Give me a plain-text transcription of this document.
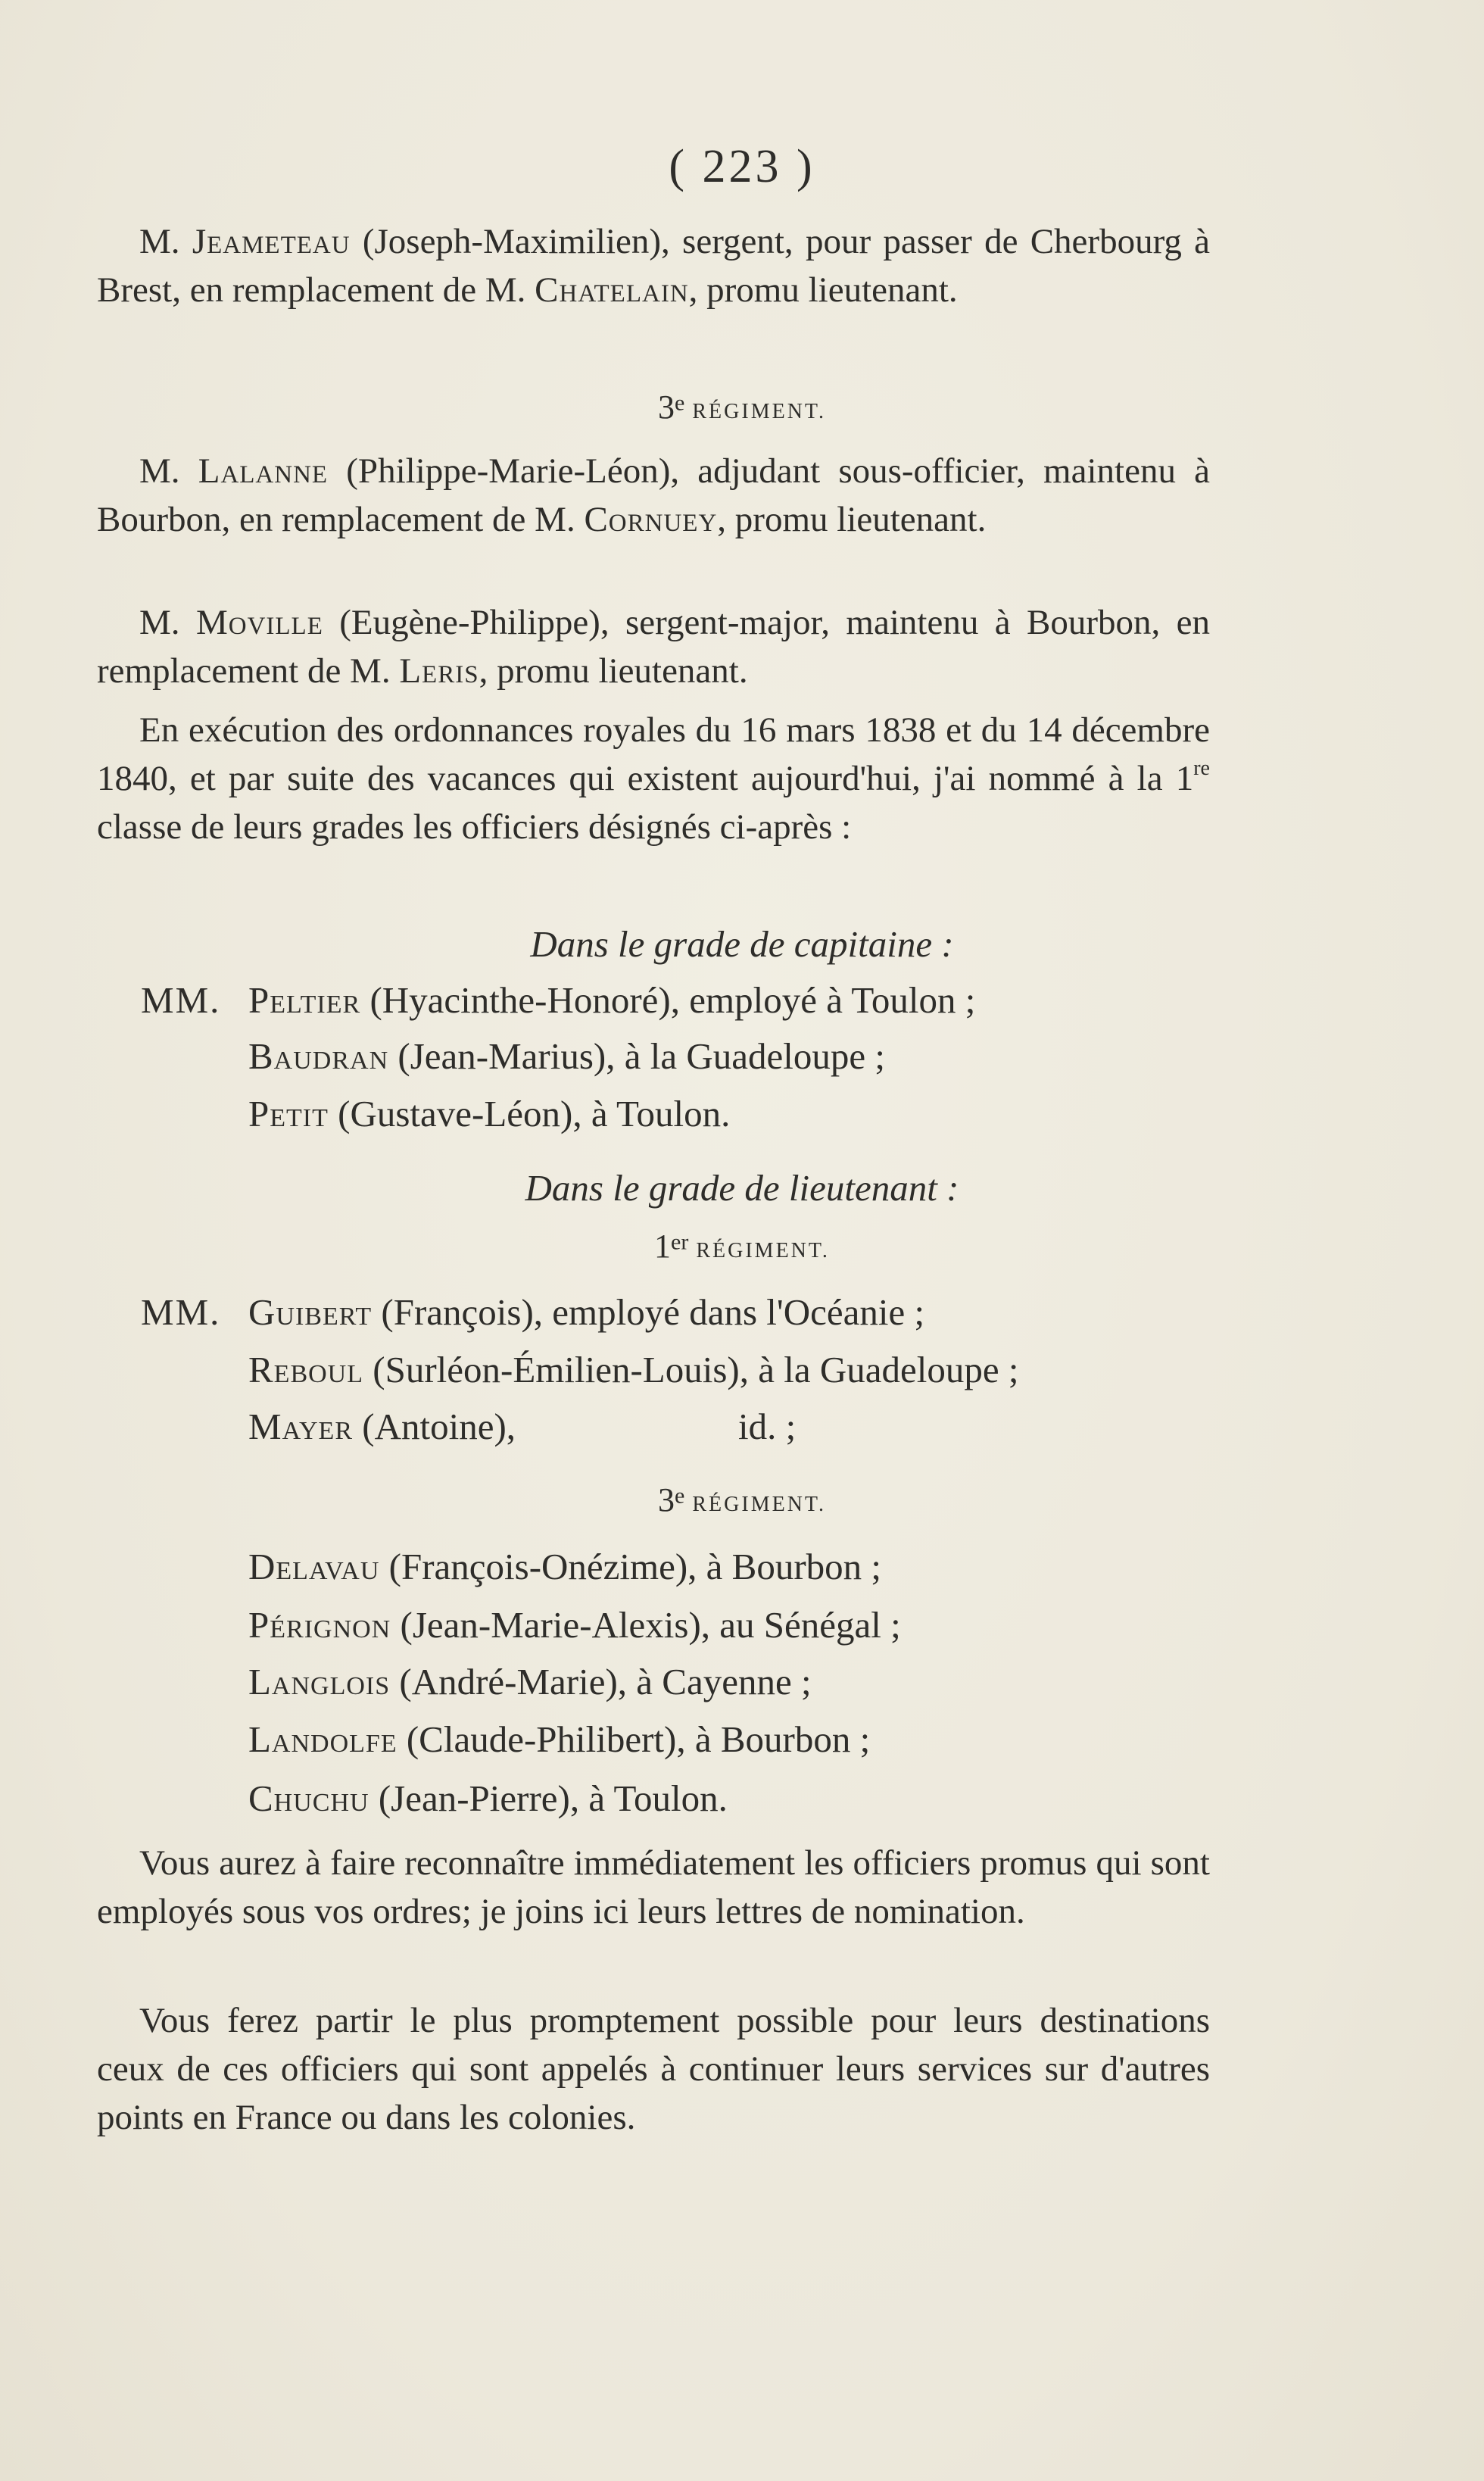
( 223 )

M. Jeameteau (Joseph-Maximilien), sergent, pour passer de Cherbourg à Brest, en remplacement de M. Chatelain, promu lieutenant.

3e RÉGIMENT.

M. Lalanne (Philippe-Marie-Léon), adjudant sous-officier, maintenu à Bourbon, en remplacement de M. Cornuey, promu lieutenant.

M. Moville (Eugène-Philippe), sergent-major, maintenu à Bourbon, en remplacement de M. Leris, promu lieutenant.

En exécution des ordonnances royales du 16 mars 1838 et du 14 décembre 1840, et par suite des vacances qui existent aujourd'hui, j'ai nommé à la 1re classe de leurs grades les officiers désignés ci-après :

Dans le grade de capitaine :
MM. Peltier (Hyacinthe-Honoré), employé à Toulon ;
Baudran (Jean-Marius), à la Guadeloupe ;
Petit (Gustave-Léon), à Toulon.
Dans le grade de lieutenant :
1er RÉGIMENT.
MM. Guibert (François), employé dans l'Océanie ;
Reboul (Surléon-Émilien-Louis), à la Guadeloupe ;
Mayer (Antoine),	id. ;
3e RÉGIMENT.
Delavau (François-Onézime), à Bourbon ;
Pérignon (Jean-Marie-Alexis), au Sénégal ;
Langlois (André-Marie), à Cayenne ;
Landolfe (Claude-Philibert), à Bourbon ;
Chuchu (Jean-Pierre), à Toulon.

Vous aurez à faire reconnaître immédiatement les officiers promus qui sont employés sous vos ordres; je joins ici leurs lettres de nomination.

Vous ferez partir le plus promptement possible pour leurs destinations ceux de ces officiers qui sont appelés à continuer leurs services sur d'autres points en France ou dans les colonies.
